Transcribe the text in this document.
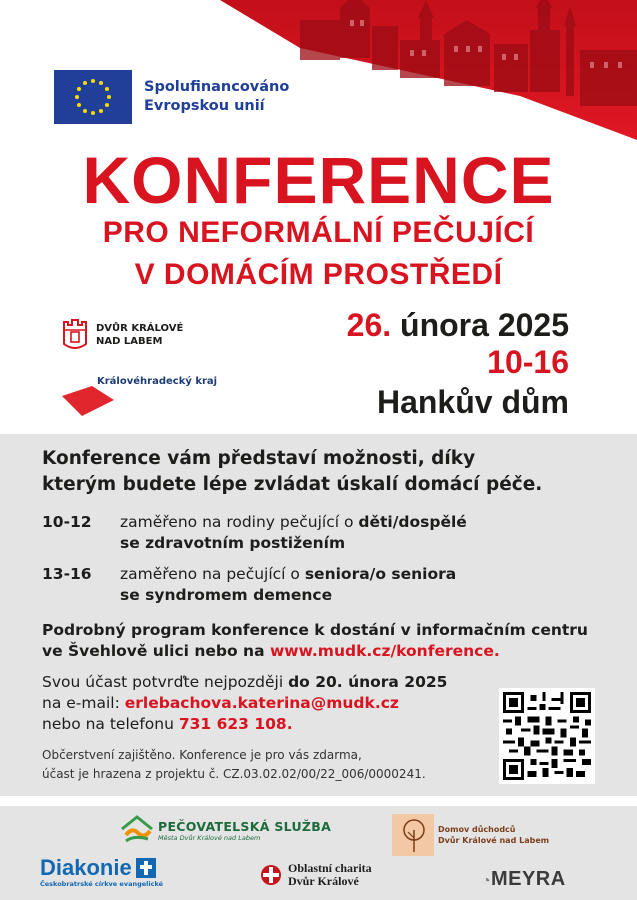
Spolufinancováno
Evropskou unií
KONFERENCE
PRO NEFORMÁLNÍ PEČUJÍCÍ
V DOMÁCÍM PROSTŘEDÍ
DVŮR KRÁLOVÉ
NAD LABEM
Královéhradecký kraj
26. února 2025
10-16
Hankův dům
Konference vám představí možnosti, díky
kterým budete lépe zvládat úskalí domácí péče.
10-12	zaměřeno na rodiny pečující o děti/dospělé
se zdravotním postižením
13-16	zaměřeno na pečující o seniora/o seniora
se syndromem demence
Podrobný program konference k dostání v informačním centru
ve Švehlově ulici nebo na www.mudk.cz/konference.
Svou účast potvrďte nejpozději do 20. února 2025
na e-mail: erlebachova.katerina@mudk.cz
nebo na telefonu 731 623 108.
Občerstvení zajištěno. Konference je pro vás zdarma,
účast je hrazena z projektu č. CZ.03.02.02/00/22_006/0000241.
PEČOVATELSKÁ SLUŽBA
Města Dvůr Králové nad Labem
Domov důchodců
Dvůr Králové nad Labem
Diakonie
Českobratrské církve evangelické
Oblastní charita
Dvůr Králové	◔MEYRA
